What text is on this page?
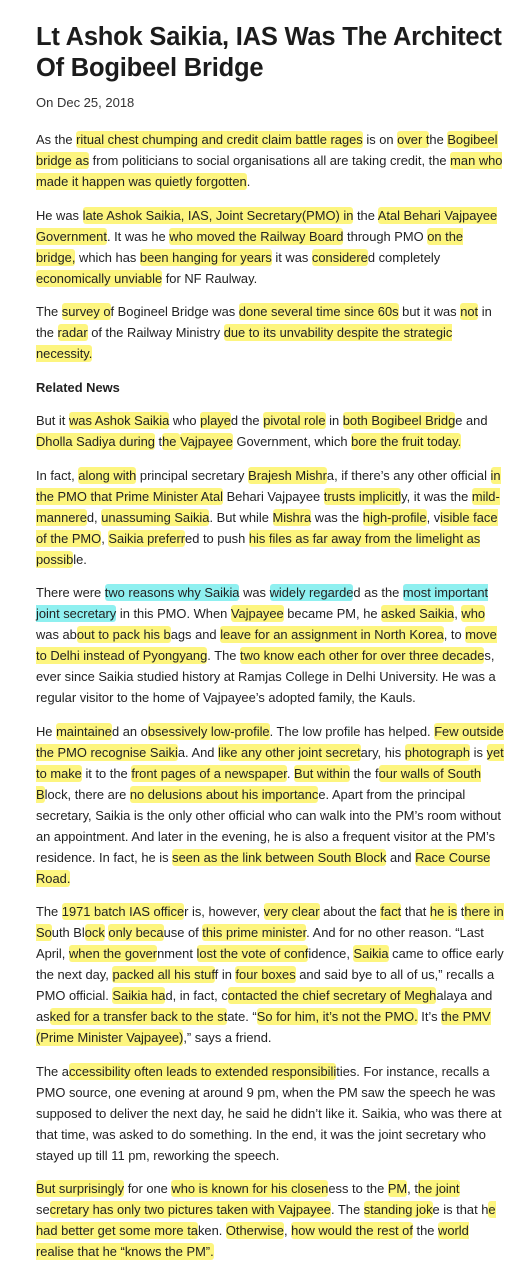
Lt Ashok Saikia, IAS Was The Architect Of Bogibeel Bridge
On Dec 25, 2018

As the ritual chest chumping and credit claim battle rages is on over the Bogibeel bridge as from politicians to social organisations all are taking credit, the man who made it happen was quietly forgotten.

He was late Ashok Saikia, IAS, Joint Secretary(PMO) in the Atal Behari Vajpayee Government. It was he who moved the Railway Board through PMO on the bridge, which has been hanging for years it was considered completely economically unviable for NF Raulway.

The survey of Bogineel Bridge was done several time since 60s but it was not in the radar of the Railway Ministry due to its unvability despite the strategic necessity.

Related News

But it was Ashok Saikia who played the pivotal role in both Bogibeel Bridge and Dholla Sadiya during the Vajpayee Government, which bore the fruit today.

In fact, along with principal secretary Brajesh Mishra, if there’s any other official in the PMO that Prime Minister Atal Behari Vajpayee trusts implicitly, it was the mild-mannered, unassuming Saikia. But while Mishra was the high-profile, visible face of the PMO, Saikia preferred to push his files as far away from the limelight as possible.

There were two reasons why Saikia was widely regarded as the most important joint secretary in this PMO. When Vajpayee became PM, he asked Saikia, who was about to pack his bags and leave for an assignment in North Korea, to move to Delhi instead of Pyongyang. The two know each other for over three decades, ever since Saikia studied history at Ramjas College in Delhi University. He was a regular visitor to the home of Vajpayee’s adopted family, the Kauls.

He maintained an obsessively low-profile. The low profile has helped. Few outside the PMO recognise Saikia. And like any other joint secretary, his photograph is yet to make it to the front pages of a newspaper. But within the four walls of South Block, there are no delusions about his importance. Apart from the principal secretary, Saikia is the only other official who can walk into the PM’s room without an appointment. And later in the evening, he is also a frequent visitor at the PM’s residence. In fact, he is seen as the link between South Block and Race Course Road.

The 1971 batch IAS officer is, however, very clear about the fact that he is there in South Block only because of this prime minister. And for no other reason. “Last April, when the government lost the vote of confidence, Saikia came to office early the next day, packed all his stuff in four boxes and said bye to all of us,” recalls a PMO official. Saikia had, in fact, contacted the chief secretary of Meghalaya and asked for a transfer back to the state. “So for him, it’s not the PMO. It’s the PMV (Prime Minister Vajpayee),” says a friend.

The accessibility often leads to extended responsibilities. For instance, recalls a PMO source, one evening at around 9 pm, when the PM saw the speech he was supposed to deliver the next day, he said he didn’t like it. Saikia, who was there at that time, was asked to do something. In the end, it was the joint secretary who stayed up till 11 pm, reworking the speech.

But surprisingly for one who is known for his closeness to the PM, the joint secretary has only two pictures taken with Vajpayee. The standing joke is that he had better get some more taken. Otherwise, how would the rest of the world realise that he “knows the PM”.
